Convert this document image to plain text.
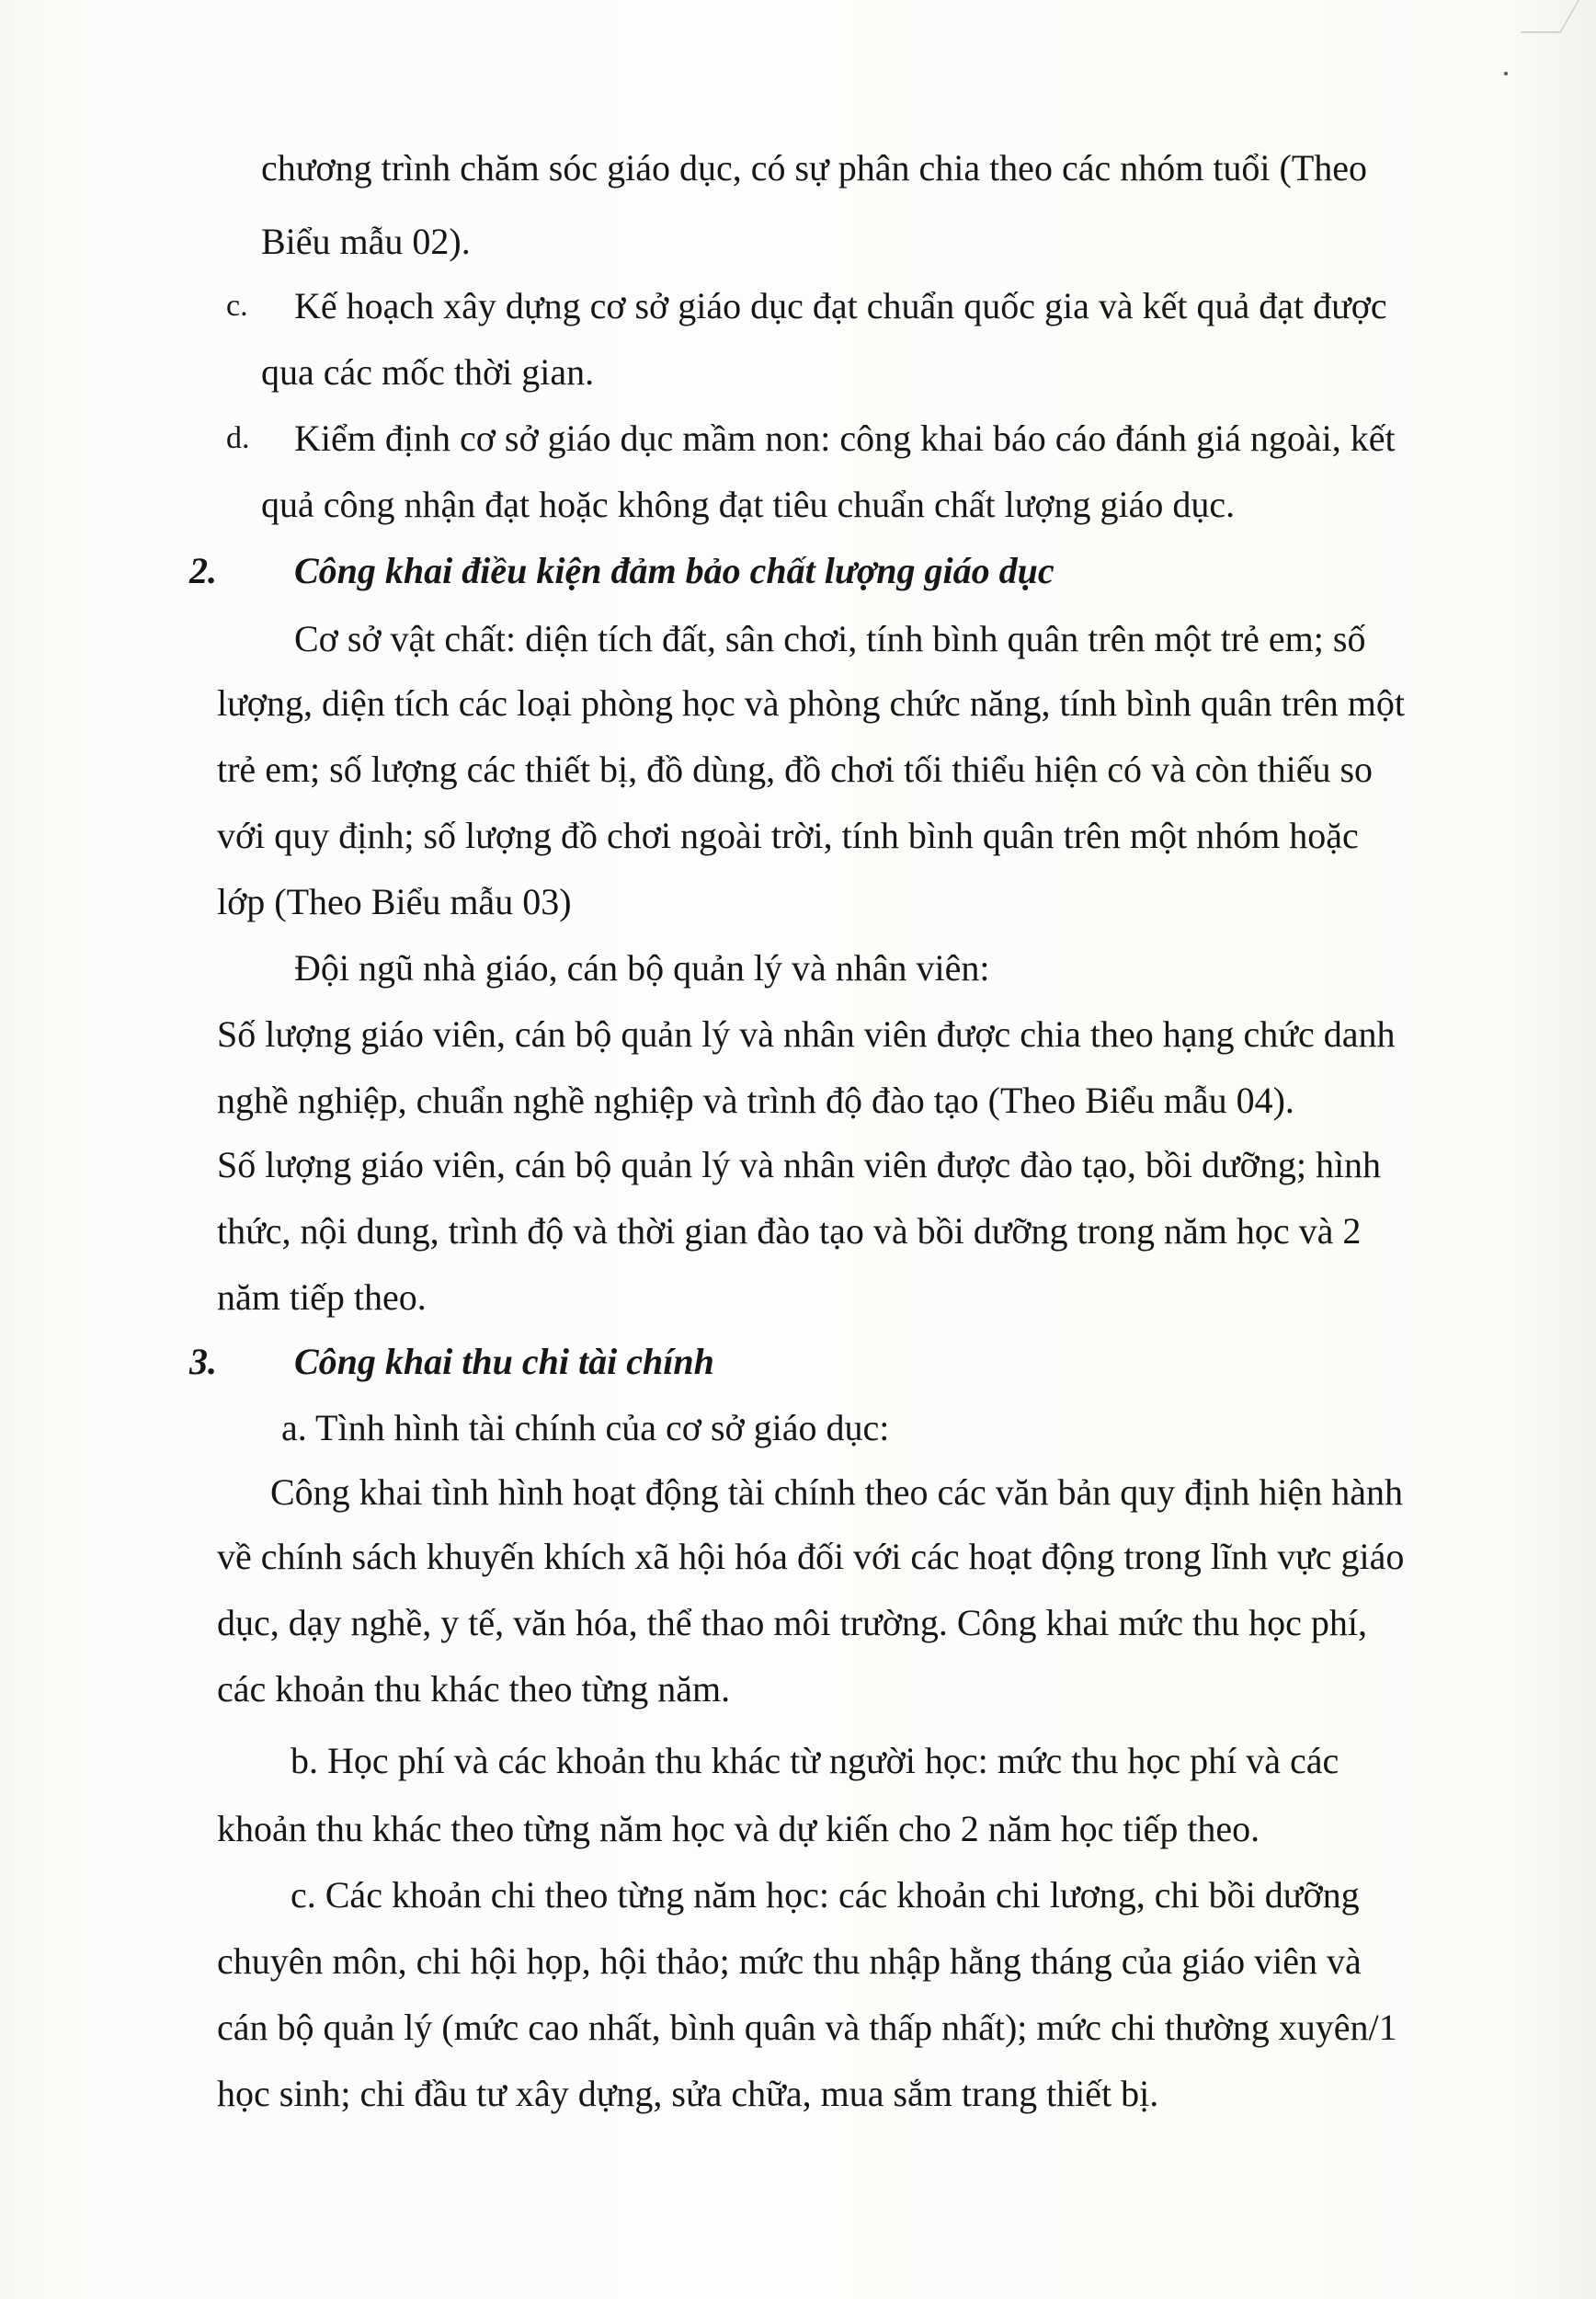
chương trình chăm sóc giáo dục, có sự phân chia theo các nhóm tuổi (Theo
Biểu mẫu 02).
c. Kế hoạch xây dựng cơ sở giáo dục đạt chuẩn quốc gia và kết quả đạt được
qua các mốc thời gian.
d. Kiểm định cơ sở giáo dục mầm non: công khai báo cáo đánh giá ngoài, kết
quả công nhận đạt hoặc không đạt tiêu chuẩn chất lượng giáo dục.
2. Công khai điều kiện đảm bảo chất lượng giáo dục
Cơ sở vật chất: diện tích đất, sân chơi, tính bình quân trên một trẻ em; số
lượng, diện tích các loại phòng học và phòng chức năng, tính bình quân trên một
trẻ em; số lượng các thiết bị, đồ dùng, đồ chơi tối thiểu hiện có và còn thiếu so
với quy định; số lượng đồ chơi ngoài trời, tính bình quân trên một nhóm hoặc
lớp (Theo Biểu mẫu 03)
Đội ngũ nhà giáo, cán bộ quản lý và nhân viên:
Số lượng giáo viên, cán bộ quản lý và nhân viên được chia theo hạng chức danh
nghề nghiệp, chuẩn nghề nghiệp và trình độ đào tạo (Theo Biểu mẫu 04).
Số lượng giáo viên, cán bộ quản lý và nhân viên được đào tạo, bồi dưỡng; hình
thức, nội dung, trình độ và thời gian đào tạo và bồi dưỡng trong năm học và 2
năm tiếp theo.
3. Công khai thu chi tài chính
a. Tình hình tài chính của cơ sở giáo dục:
Công khai tình hình hoạt động tài chính theo các văn bản quy định hiện hành
về chính sách khuyến khích xã hội hóa đối với các hoạt động trong lĩnh vực giáo
dục, dạy nghề, y tế, văn hóa, thể thao môi trường. Công khai mức thu học phí,
các khoản thu khác theo từng năm.
b. Học phí và các khoản thu khác từ người học: mức thu học phí và các
khoản thu khác theo từng năm học và dự kiến cho 2 năm học tiếp theo.
c. Các khoản chi theo từng năm học: các khoản chi lương, chi bồi dưỡng
chuyên môn, chi hội họp, hội thảo; mức thu nhập hằng tháng của giáo viên và
cán bộ quản lý (mức cao nhất, bình quân và thấp nhất); mức chi thường xuyên/1
học sinh; chi đầu tư xây dựng, sửa chữa, mua sắm trang thiết bị.
